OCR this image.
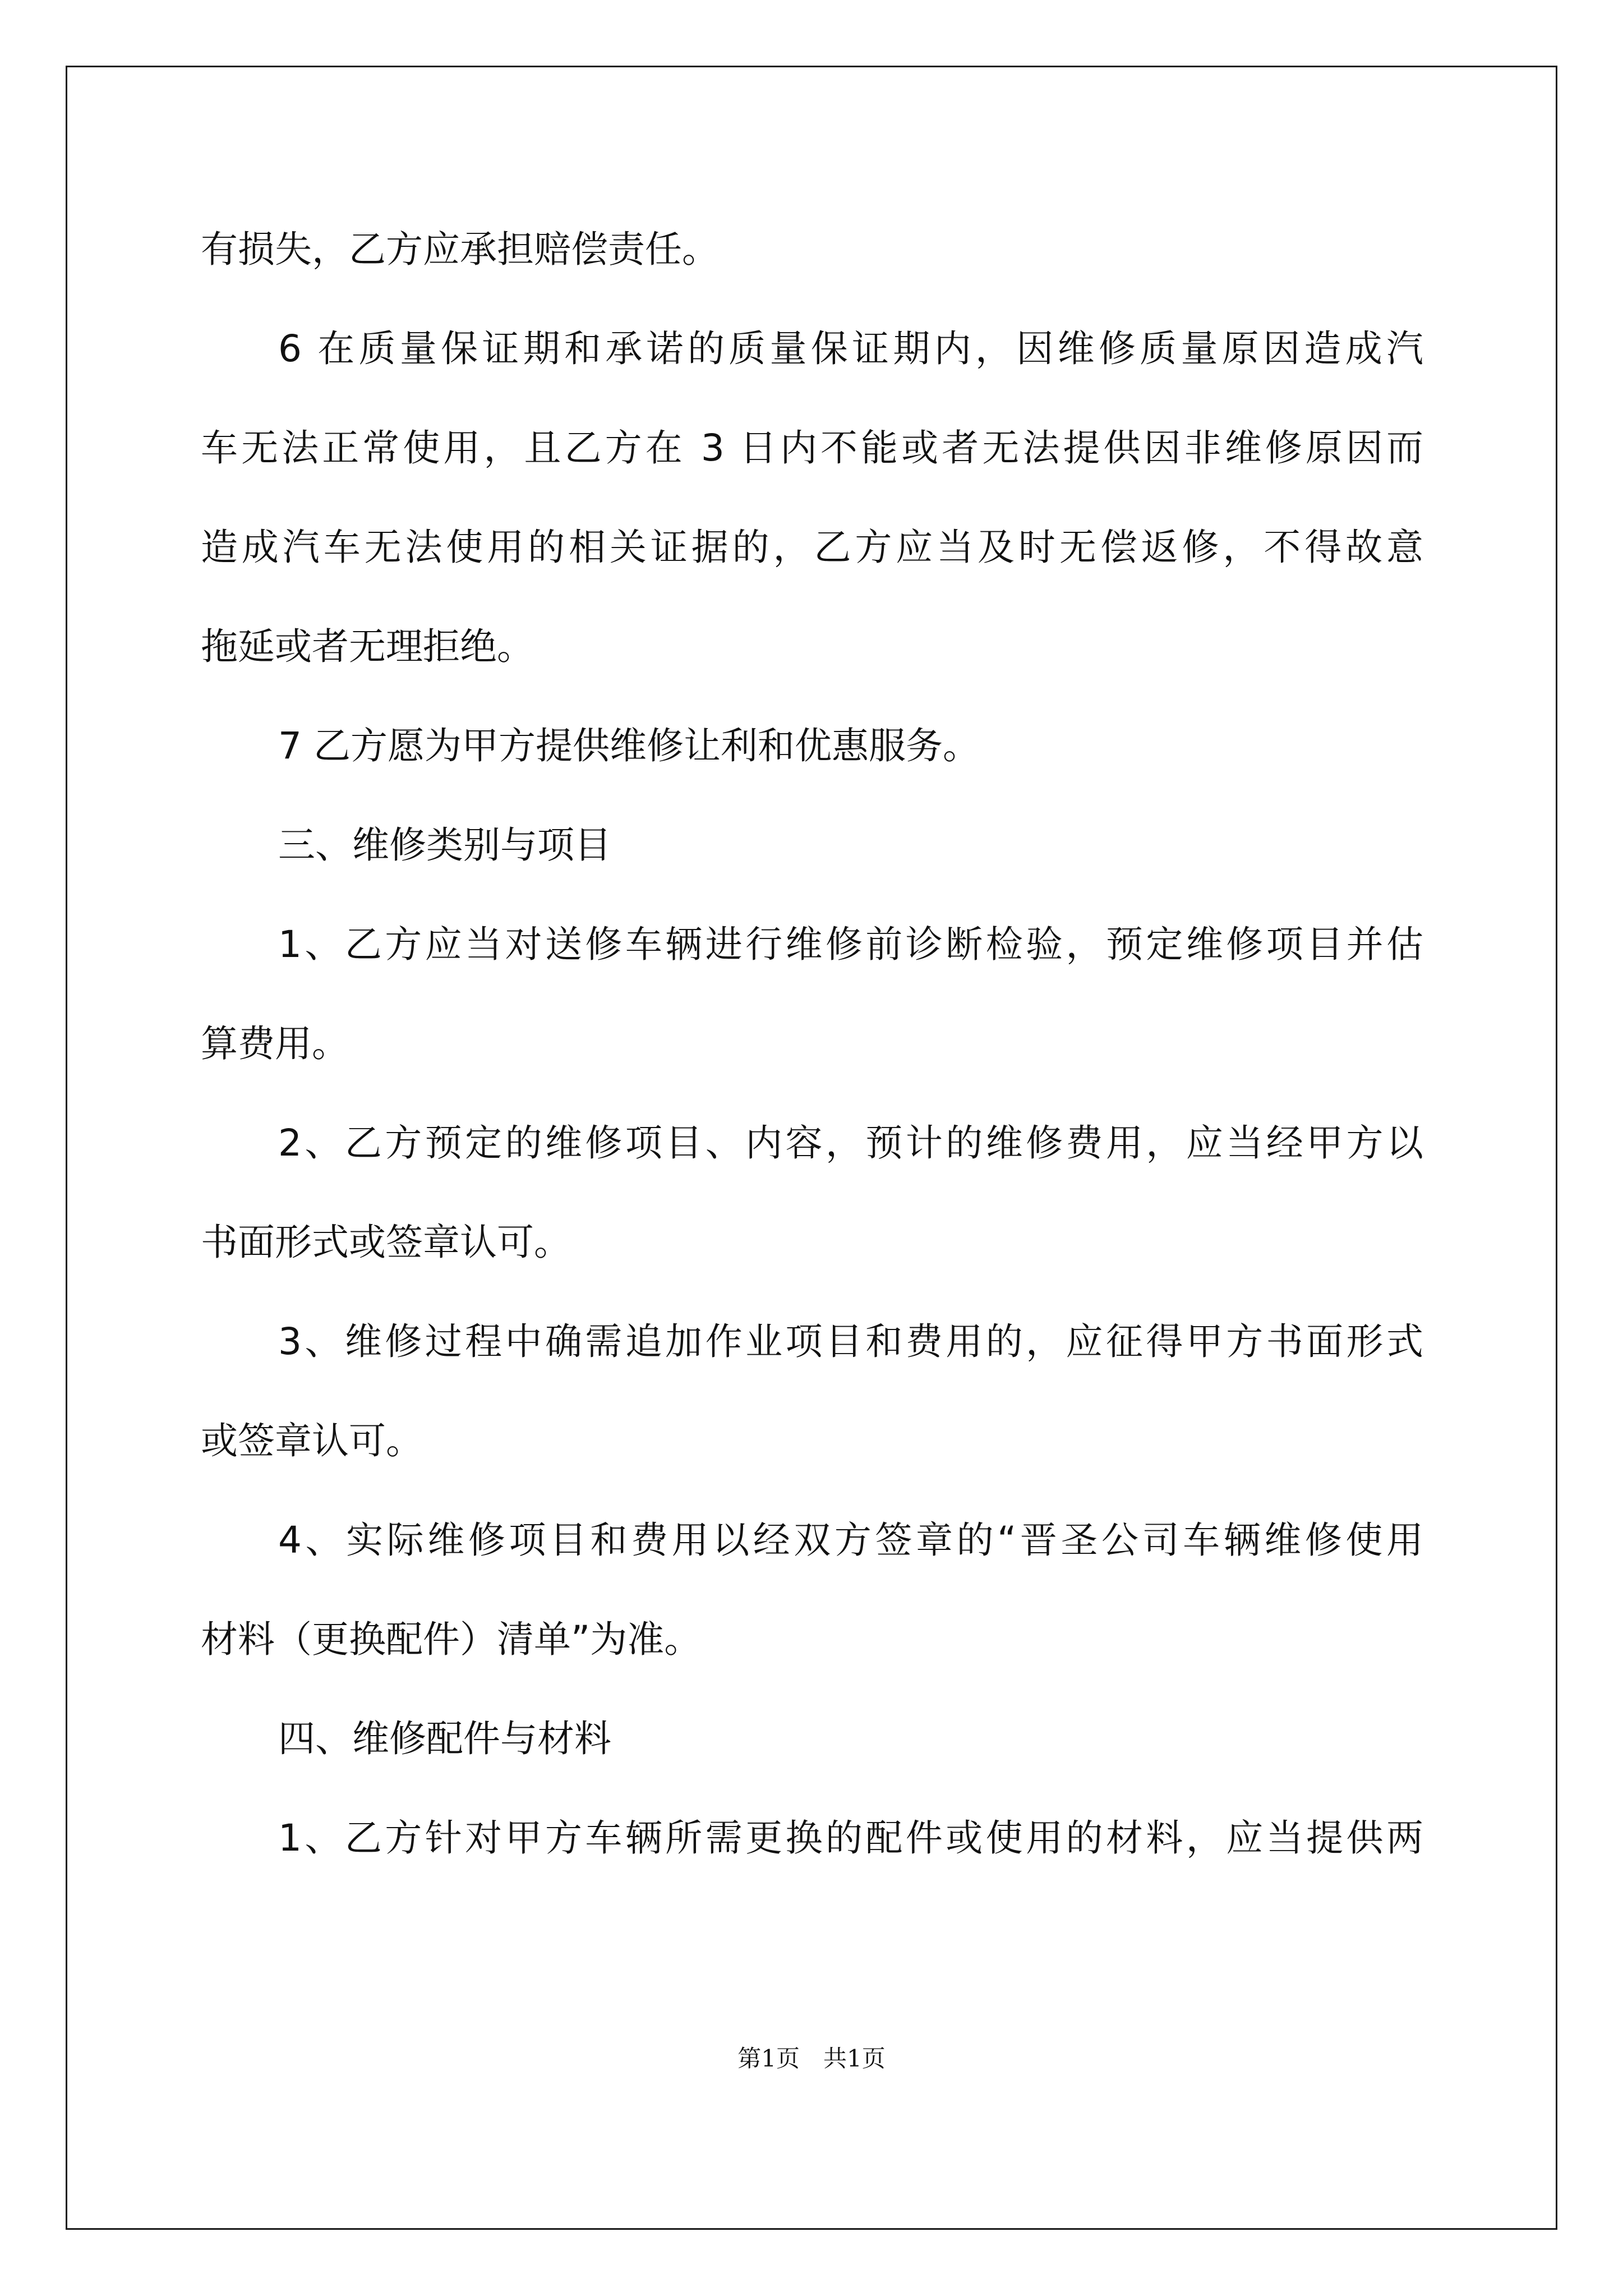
有损失，乙方应承担赔偿责任。
6 在质量保证期和承诺的质量保证期内，因维修质量原因造成汽
车无法正常使用，且乙方在 3 日内不能或者无法提供因非维修原因而
造成汽车无法使用的相关证据的，乙方应当及时无偿返修，不得故意
拖延或者无理拒绝。
7 乙方愿为甲方提供维修让利和优惠服务。
三、维修类别与项目
1、乙方应当对送修车辆进行维修前诊断检验，预定维修项目并估
算费用。
2、乙方预定的维修项目、内容，预计的维修费用，应当经甲方以
书面形式或签章认可。
3、维修过程中确需追加作业项目和费用的，应征得甲方书面形式
或签章认可。
4、实际维修项目和费用以经双方签章的“晋圣公司车辆维修使用
材料（更换配件）清单”为准。
四、维修配件与材料
1、乙方针对甲方车辆所需更换的配件或使用的材料，应当提供两
第1页　共1页
